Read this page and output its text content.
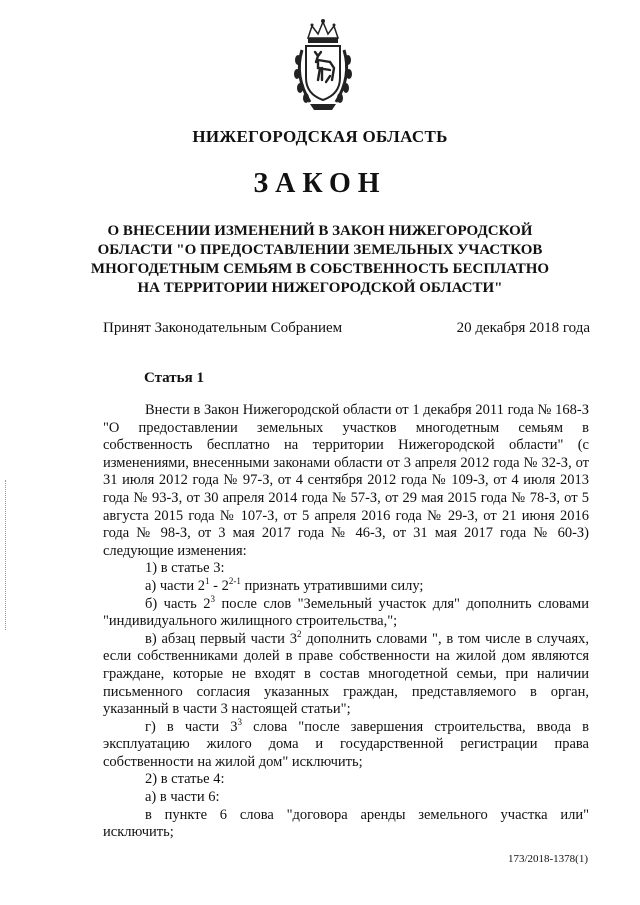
НИЖЕГОРОДСКАЯ ОБЛАСТЬ
ЗАКОН
О ВНЕСЕНИИ ИЗМЕНЕНИЙ В ЗАКОН НИЖЕГОРОДСКОЙ
ОБЛАСТИ "О ПРЕДОСТАВЛЕНИИ ЗЕМЕЛЬНЫХ УЧАСТКОВ
МНОГОДЕТНЫМ СЕМЬЯМ В СОБСТВЕННОСТЬ БЕСПЛАТНО
НА ТЕРРИТОРИИ НИЖЕГОРОДСКОЙ ОБЛАСТИ"
Принят Законодательным Собранием	20 декабря 2018 года
Статья 1

Внести в Закон Нижегородской области от 1 декабря 2011 года № 168-З "О предоставлении земельных участков многодетным семьям в собственность бесплатно на территории Нижегородской области" (с изменениями, внесенными законами области от 3 апреля 2012 года № 32-З, от 31 июля 2012 года № 97-З, от 4 сентября 2012 года № 109-З, от 4 июля 2013 года № 93-З, от 30 апреля 2014 года № 57-З, от 29 мая 2015 года № 78-З, от 5 августа 2015 года № 107-З, от 5 апреля 2016 года № 29-З, от 21 июня 2016 года № 98-З, от 3 мая 2017 года № 46-З, от 31 мая 2017 года № 60-З) следующие изменения:

1) в статье 3:

а) части $2^1 - 2^{2-1}$ признать утратившими силу;

б) часть $2^3$ после слов "Земельный участок для" дополнить словами "индивидуального жилищного строительства,";

в) абзац первый части $3^2$ дополнить словами ", в том числе в случаях, если собственниками долей в праве собственности на жилой дом являются граждане, которые не входят в состав многодетной семьи, при наличии письменного согласия указанных граждан, представляемого в орган, указанный в части 3 настоящей статьи";

г) в части $3^3$ слова "после завершения строительства, ввода в эксплуатацию жилого дома и государственной регистрации права собственности на жилой дом" исключить;

2) в статье 4:

а) в части 6:

в пункте 6 слова "договора аренды земельного участка или" исключить;

173/2018-1378(1)
